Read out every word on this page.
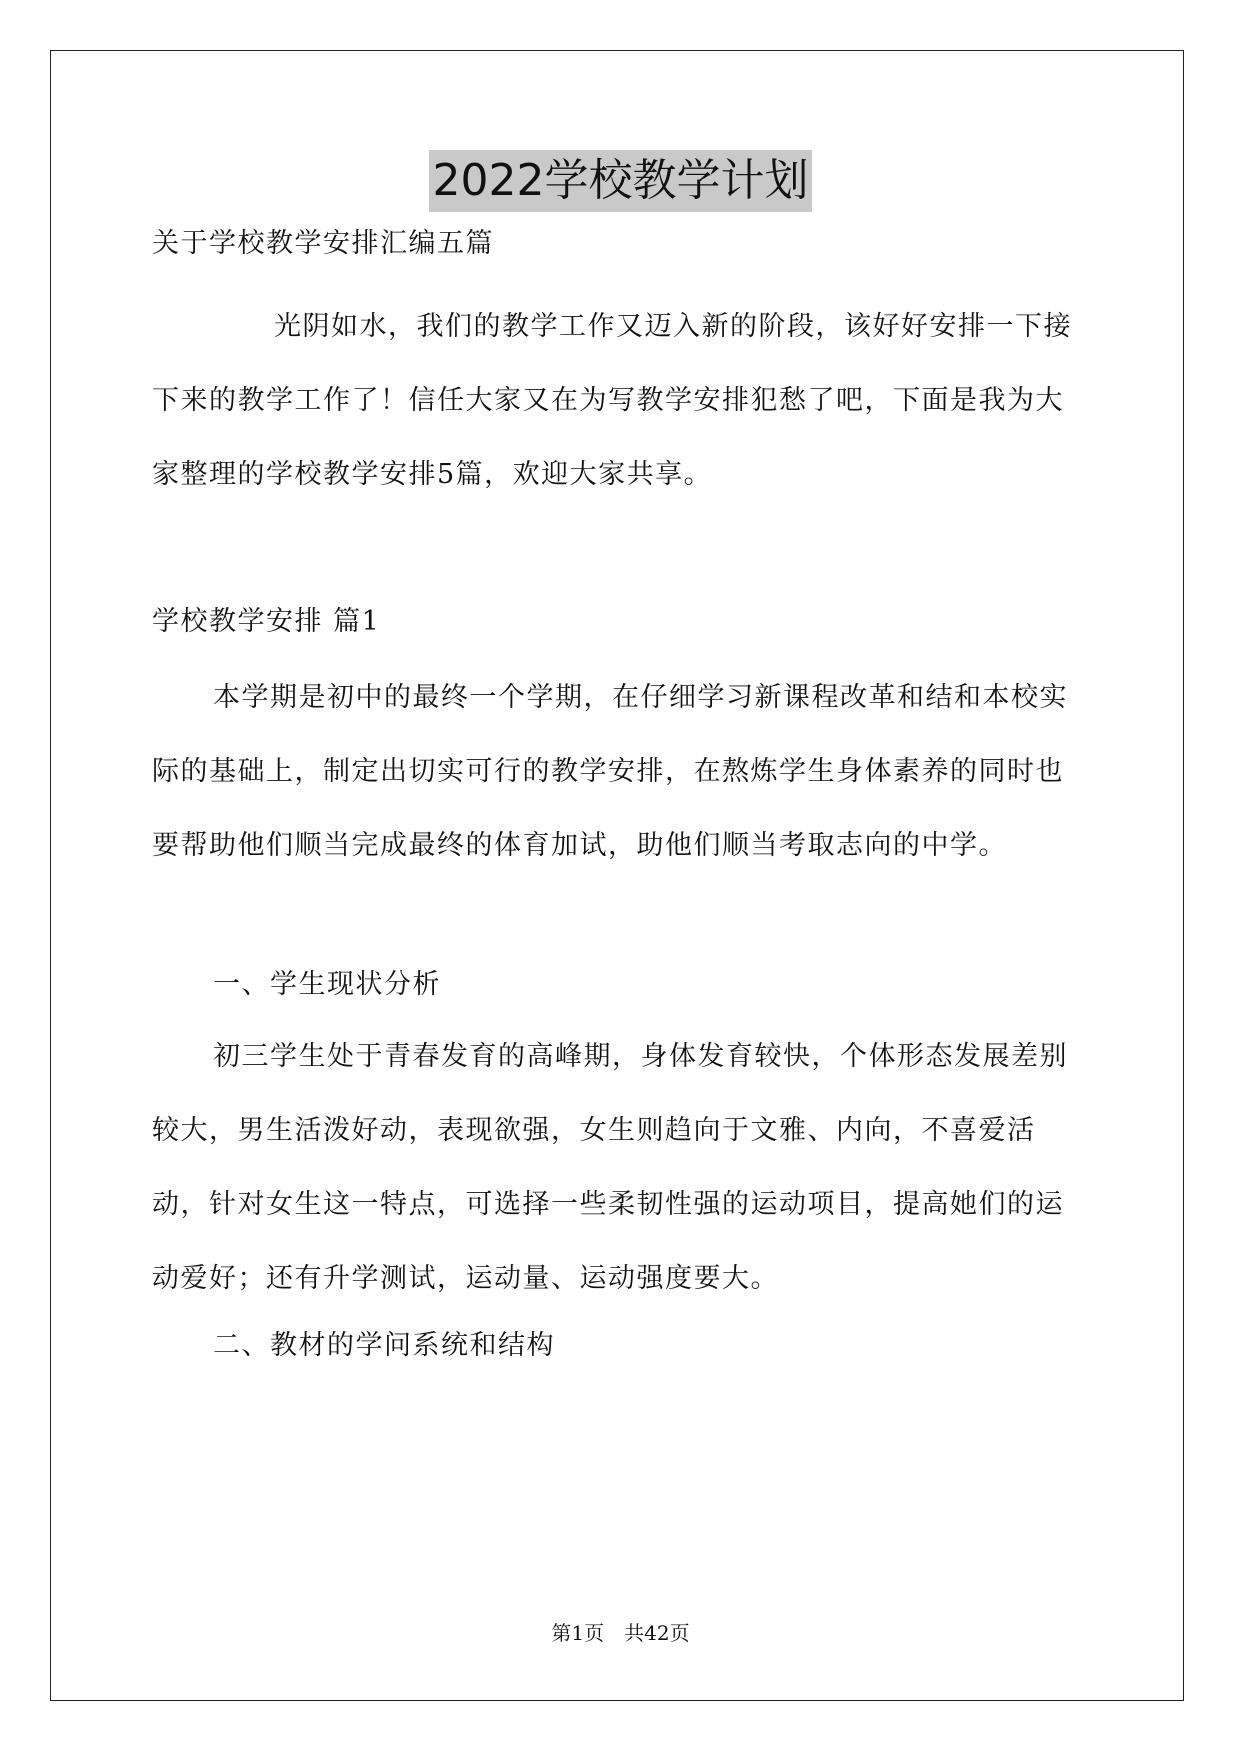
2022学校教学计划

关于学校教学安排汇编五篇

光阴如水，我们的教学工作又迈入新的阶段，该好好安排一下接下来的教学工作了！信任大家又在为写教学安排犯愁了吧，下面是我为大家整理的学校教学安排5篇，欢迎大家共享。

学校教学安排 篇1

本学期是初中的最终一个学期，在仔细学习新课程改革和结和本校实际的基础上，制定出切实可行的教学安排，在熬炼学生身体素养的同时也要帮助他们顺当完成最终的体育加试，助他们顺当考取志向的中学。

一、学生现状分析

初三学生处于青春发育的高峰期，身体发育较快，个体形态发展差别较大，男生活泼好动，表现欲强，女生则趋向于文雅、内向，不喜爱活动，针对女生这一特点，可选择一些柔韧性强的运动项目，提高她们的运动爱好；还有升学测试，运动量、运动强度要大。

二、教材的学问系统和结构

第1页　共42页
